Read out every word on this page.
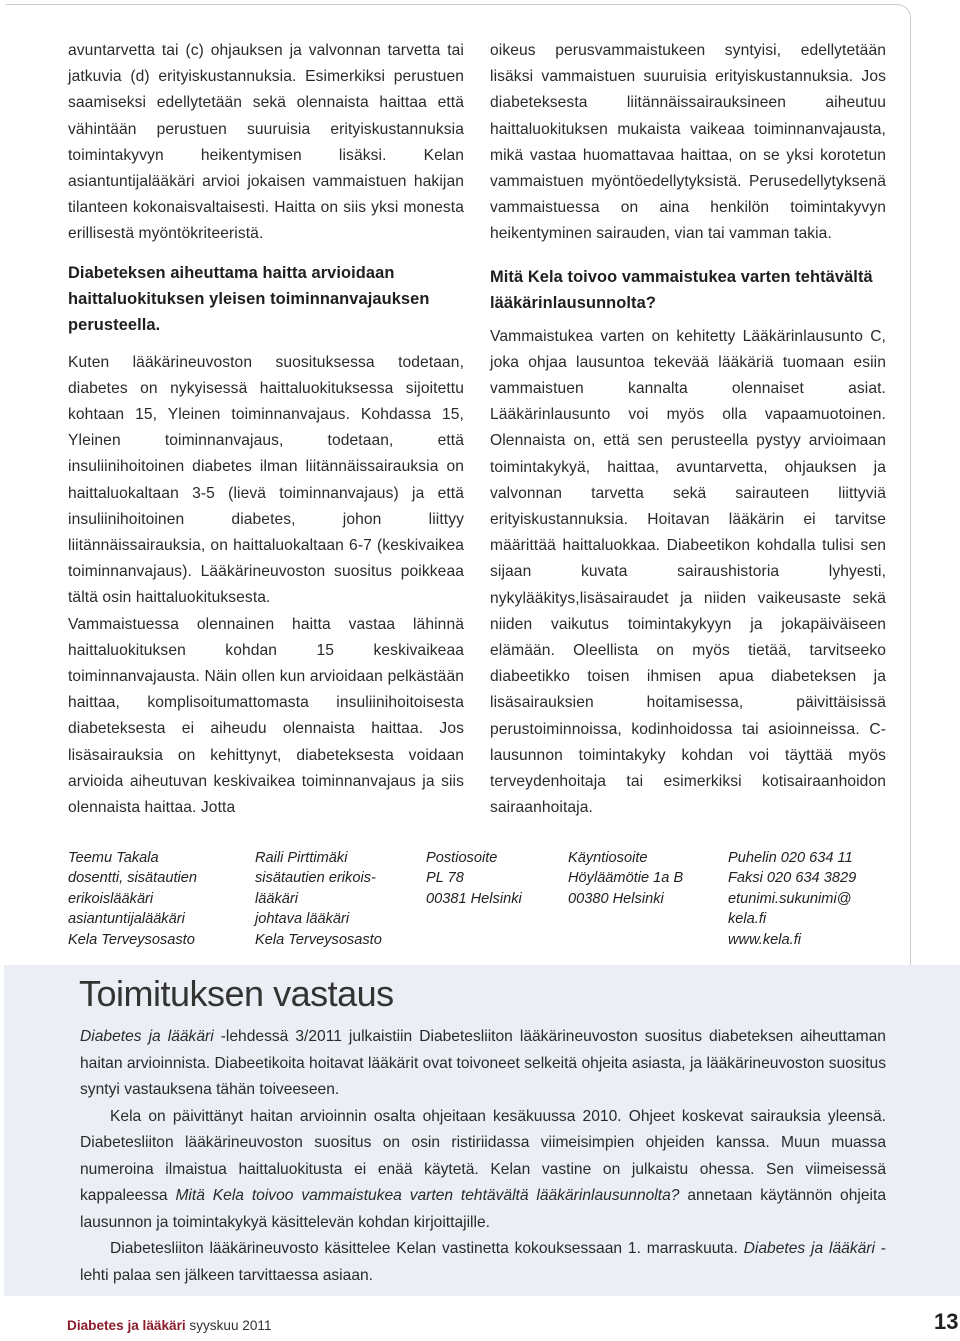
avuntarvetta tai (c) ohjauksen ja valvonnan tarvetta tai jatkuvia (d) erityiskustannuksia. Esimerkiksi perustuen saamiseksi edellytetään sekä olennaista haittaa että vähintään perustuen suuruisia erityiskustannuksia toimintakyvyn heikentymisen lisäksi. Kelan asiantuntijalääkäri arvioi jokaisen vammaistuen hakijan tilanteen kokonaisvaltaisesti. Haitta on siis yksi monesta erillisestä myöntökriteeristä.

Diabeteksen aiheuttama haitta arvioidaan haittaluokituksen yleisen toiminnanvajauksen perusteella.

Kuten lääkärineuvoston suosituksessa todetaan, diabetes on nykyisessä haittaluokituksessa sijoitettu kohtaan 15, Yleinen toiminnanvajaus. Kohdassa 15, Yleinen toiminnanvajaus, todetaan, että insuliinihoitoinen diabetes ilman liitännäissairauksia on haittaluokaltaan 3-5 (lievä toiminnanvajaus) ja että insuliinihoitoinen diabetes, johon liittyy liitännäissairauksia, on haittaluokaltaan 6-7 (keskivaikea toiminnanvajaus). Lääkärineuvoston suositus poikkeaa tältä osin haittaluokituksesta.

Vammaistuessa olennainen haitta vastaa lähinnä haittaluokituksen kohdan 15 keskivaikeaa toiminnanvajausta. Näin ollen kun arvioidaan pelkästään haittaa, komplisoitumattomasta insuliinihoitoisesta diabeteksesta ei aiheudu olennaista haittaa. Jos lisäsairauksia on kehittynyt, diabeteksesta voidaan arvioida aiheutuvan keskivaikea toiminnanvajaus ja siis olennaista haittaa. Jotta

oikeus perusvammaistukeen syntyisi, edellytetään lisäksi vammaistuen suuruisia erityiskustannuksia. Jos diabeteksesta liitännäissairauksineen aiheutuu haittaluokituksen mukaista vaikeaa toiminnanvajausta, mikä vastaa huomattavaa haittaa, on se yksi korotetun vammaistuen myöntöedellytyksistä. Perusedellytyksenä vammaistuessa on aina henkilön toimintakyvyn heikentyminen sairauden, vian tai vamman takia.

Mitä Kela toivoo vammaistukea varten tehtävältä lääkärinlausunnolta?

Vammaistukea varten on kehitetty Lääkärinlausunto C, joka ohjaa lausuntoa tekevää lääkäriä tuomaan esiin vammaistuen kannalta olennaiset asiat. Lääkärinlausunto voi myös olla vapaamuotoinen. Olennaista on, että sen perusteella pystyy arvioimaan toimintakykyä, haittaa, avuntarvetta, ohjauksen ja valvonnan tarvetta sekä sairauteen liittyviä erityiskustannuksia. Hoitavan lääkärin ei tarvitse määrittää haittaluokkaa. Diabeetikon kohdalla tulisi sen sijaan kuvata sairaushistoria lyhyesti, nykylääkitys,lisäsairaudet ja niiden vaikeusaste sekä niiden vaikutus toimintakykyyn ja jokapäiväiseen elämään. Oleellista on myös tietää, tarvitseeko diabeetikko toisen ihmisen apua diabeteksen ja lisäsairauksien hoitamisessa, päivittäisissä perustoiminnoissa, kodinhoidossa tai asioinneissa. C-lausunnon toimintakyky kohdan voi täyttää myös terveydenhoitaja tai esimerkiksi kotisairaanhoidon sairaanhoitaja.

Teemu Takala
dosentti, sisätautien
erikoislääkäri
asiantuntijalääkäri
Kela Terveysosasto
Raili Pirttimäki
sisätautien erikois-
lääkäri
johtava lääkäri
Kela Terveysosasto
Postiosoite
PL 78
00381 Helsinki
Käyntiosoite
Höyläämötie 1a B
00380 Helsinki
Puhelin 020 634 11
Faksi 020 634 3829
etunimi.sukunimi@
kela.fi
www.kela.fi
Toimituksen vastaus

Diabetes ja lääkäri -lehdessä 3/2011 julkaistiin Diabetesliiton lääkärineuvoston suositus diabeteksen aiheuttaman haitan arvioinnista. Diabeetikoita hoitavat lääkärit ovat toivoneet selkeitä ohjeita asiasta, ja lääkärineuvoston suositus syntyi vastauksena tähän toiveeseen.

Kela on päivittänyt haitan arvioinnin osalta ohjeitaan kesäkuussa 2010. Ohjeet koskevat sairauksia yleensä. Diabetesliiton lääkärineuvoston suositus on osin ristiriidassa viimeisimpien ohjeiden kanssa. Muun muassa numeroina ilmaistua haittaluokitusta ei enää käytetä. Kelan vastine on julkaistu ohessa. Sen viimeisessä kappaleessa Mitä Kela toivoo vammaistukea varten tehtävältä lääkärinlausunnolta? annetaan käytännön ohjeita lausunnon ja toimintakykyä käsittelevän kohdan kirjoittajille.

Diabetesliiton lääkärineuvosto käsittelee Kelan vastinetta kokouksessaan 1. marraskuuta. Diabetes ja lääkäri -lehti palaa sen jälkeen tarvittaessa asiaan.

Diabetes ja lääkäri syyskuu 2011	13
